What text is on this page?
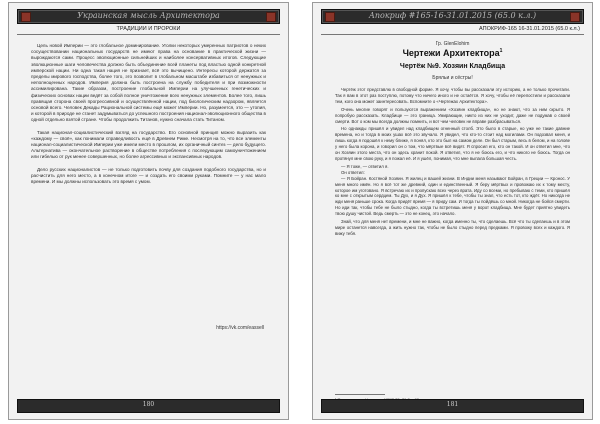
Украинская мысль Архитектора
ТРАДИЦИИ И ПРОРОКИ

Цель новой Империи — это глобальное доминирование. Уголки некоторых умеренных патриотов о неких сосуществовании национальных государств не имеют права на основание в практической жизни — вырождаются сами. Процесс эволюционные сильнейших и наиболее консервативных итогов. Следующие эволюционные шаги человечества должно быть объединение всей планеты под властью одной конкретной имперской нации. Ни одна такая нация не признает, всё это вычищено. Интересы которой держатся за пределы мирового господства, более того, это позволит в глобальном масштабе избавиться от ненужных и неполноценных народов. Империя должна быть построена на службу победителя и при возможности ассимилирована. Такие образом, построение глобальной Империи на улучшенных генетических и физических основах нации ведёт за собой полное уничтожение всех ненужных элементов. Более того, лишь правящая сторона своей прогрессивной и осуществлённой нации, под биологическим надзором, является основой всего. Человек Декады Рациональной системы ещё может Империи. Но, разумеется, это — утопия, и которой в природе не станет задумываться до успешного построения национал-эволюционного общества в одной отдельно взятой стране. Чтобы продолжить Титанов, нужно сначала стать Титаном.

Такая национал-социалистический взгляд на государство. Его основной принцип можно выразить как «каждому — своё», как понимали справедливость ещё в Древнем Риме. Несмотря на то, что все элементы национал-социалистической Империи уже имели место в прошлом, их органичный синтез — дело будущего. Альтернатива — окончательное растворение в обществе потребления с последующим самоуничтожением или гибелью от рук менее совершенных, но более агрессивных и экспансивных народов.

Дело русских националистов — не только подготовить почву для создания подобного государства, но и расчистить для него место, а в конечном итоге — и создать его своими руками. Помните — у нас мало времени. И мы должны использовать это время с умом.

https://vk.com/eassell
180
Апокриф #165-16-31.01.2015 (65.0 к.л.)
АПОКРИФ-165 16-31.01.2015 (65.0 к.л.)
Гр. GlenElohim
Чертежи Архитектора$^1$
Чертёж №9. Хозяин Кладбища
Бряльи и сёстры!

Чертёж этот представлю в свободной форме. Я хочу, чтобы вы рассказали эту историю, а не только прочитали. Так я вам в этот раз поступлю, потому что ничего иного и не остаётся. Я хочу, чтобы её перепостили и рассказали тем, кого она может заинтересовать. Вспомните о «Чертежах Архитектора».

Очень многие говорят и пользуются выражением «Хозяин кладбища», но не знают, что за ним скрыто. Я попробую рассказать. Кладбище — это граница. Умирающие, никто из них не уходит, даже не подумав о своей смерти. Вот о ком мы всегда должны помнить, и вот чем человек не вправе разбрасываться.

Но однажды пришёл и увидел над кладбищем огненный столб. Это было в старые, но уже не такие давние времена, но и тогда в моих ушах всё это звучало. Я увидел, что кто-то стоит над могилами. Он подозвал меня, и лишь когда я подошёл к нему ближе, я понял, кто это был на самом деле. Он был старым, весь в белом, и на голове у него была корона, и говорил он о том, что мёртвые всё видят. Я спросил его, кто он такой. И он ответил мне, что он Хозяин этого места, что он здесь хранит покой. Я ответил, что я не боюсь его, и что никого не боюсь. Тогда он протянул мне свою руку, и я пожал её. И я ушёл, понимая, что мне выпала большая честь.

— Я тоже, — ответил я.

Он ответил:

— Я Бойран. Костяной Хозяин. Я жилец и вашей жизни. В Индии меня называют Бойран, в Греции — Кронос. У меня много имён. Но я всё тот же древний, один и единственный. Я беру мёртвых и провожаю их к тому месту, которое им уготовано. Я встречаю их и пропускаю всех через врата. Иду со всеми, но пребываю с теми, кто пришёл ко мне с открытым сердцем. Ты Дух, и я Дух. Я пришёл к тебе, чтобы ты знал, что есть тот, кто ждёт. Но никогда не жди меня раньше срока. Когда придёт время — я приду сам. И тогда ты пойдёшь со мной. Никогда не бойся смерти. Но иди так, чтобы тебе не было стыдно, когда ты встретишь меня у ворот кладбища. Мне будет приятно увидеть твою душу чистой. Ведь смерть — это не конец, это начало.

Знай, что для меня нет времени, и мне не важно, когда именно ты, что сделаешь. Всё что ты сделаешь и в этом мире останется навсегда, а жить нужно так, чтобы не было стыдно перед предками. Я провожу всех и каждого. Я вижу тебя.

181
